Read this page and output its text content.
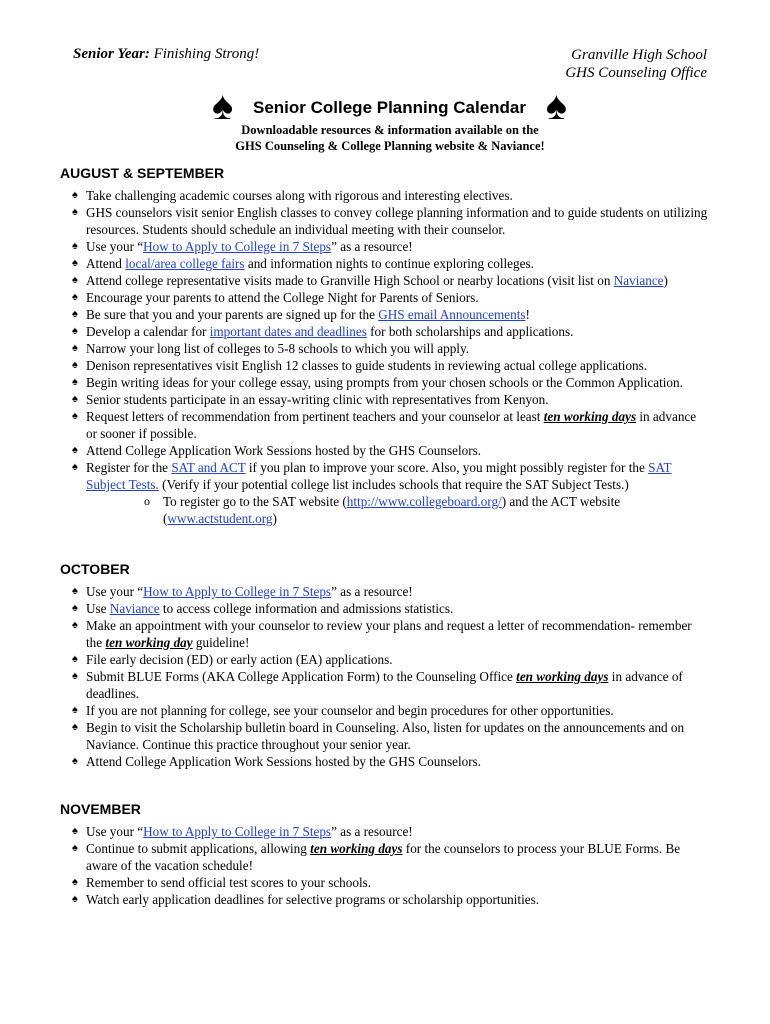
Senior Year: Finishing Strong!	Granville High School
GHS Counseling Office
♠ Senior College Planning Calendar ♠
Downloadable resources & information available on the
GHS Counseling & College Planning website & Naviance!
AUGUST & SEPTEMBER
♠ Take challenging academic courses along with rigorous and interesting electives.
♠ GHS counselors visit senior English classes to convey college planning information and to guide students on utilizing resources. Students should schedule an individual meeting with their counselor.
♠ Use your “How to Apply to College in 7 Steps” as a resource!
♠ Attend local/area college fairs and information nights to continue exploring colleges.
♠ Attend college representative visits made to Granville High School or nearby locations (visit list on Naviance)
♠ Encourage your parents to attend the College Night for Parents of Seniors.
♠ Be sure that you and your parents are signed up for the GHS email Announcements!
♠ Develop a calendar for important dates and deadlines for both scholarships and applications.
♠ Narrow your long list of colleges to 5-8 schools to which you will apply.
♠ Denison representatives visit English 12 classes to guide students in reviewing actual college applications.
♠ Begin writing ideas for your college essay, using prompts from your chosen schools or the Common Application.
♠ Senior students participate in an essay-writing clinic with representatives from Kenyon.
♠ Request letters of recommendation from pertinent teachers and your counselor at least ten working days in advance or sooner if possible.
♠ Attend College Application Work Sessions hosted by the GHS Counselors.
♠ Register for the SAT and ACT if you plan to improve your score. Also, you might possibly register for the SAT Subject Tests. (Verify if your potential college list includes schools that require the SAT Subject Tests.)
o To register go to the SAT website (http://www.collegeboard.org/) and the ACT website (www.actstudent.org)
OCTOBER
♠ Use your “How to Apply to College in 7 Steps” as a resource!
♠ Use Naviance to access college information and admissions statistics.
♠ Make an appointment with your counselor to review your plans and request a letter of recommendation- remember the ten working day guideline!
♠ File early decision (ED) or early action (EA) applications.
♠ Submit BLUE Forms (AKA College Application Form) to the Counseling Office ten working days in advance of deadlines.
♠ If you are not planning for college, see your counselor and begin procedures for other opportunities.
♠ Begin to visit the Scholarship bulletin board in Counseling. Also, listen for updates on the announcements and on Naviance. Continue this practice throughout your senior year.
♠ Attend College Application Work Sessions hosted by the GHS Counselors.
NOVEMBER
♠ Use your “How to Apply to College in 7 Steps” as a resource!
♠ Continue to submit applications, allowing ten working days for the counselors to process your BLUE Forms. Be aware of the vacation schedule!
♠ Remember to send official test scores to your schools.
♠ Watch early application deadlines for selective programs or scholarship opportunities.
